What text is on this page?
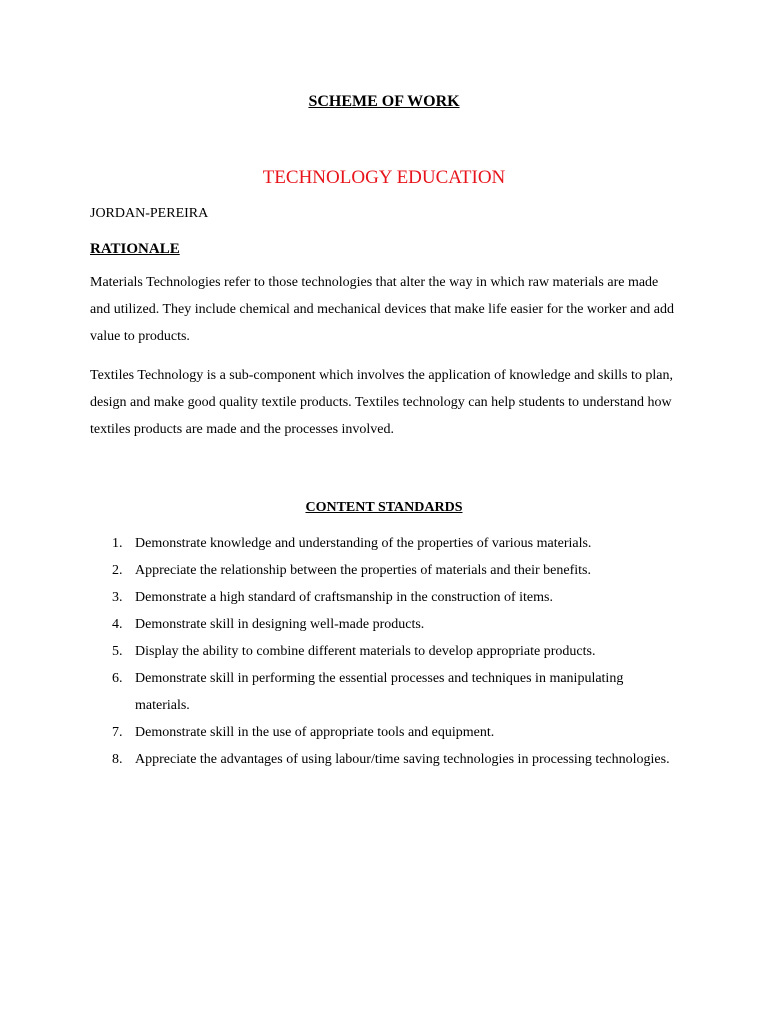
SCHEME OF WORK
TECHNOLOGY EDUCATION
JORDAN-PEREIRA
RATIONALE
Materials Technologies refer to those technologies that alter the way in which raw materials are made and utilized. They include chemical and mechanical devices that make life easier for the worker and add value to products.
Textiles Technology is a sub-component which involves the application of knowledge and skills to plan, design and make good quality textile products. Textiles technology can help students to understand how textiles products are made and the processes involved.
CONTENT STANDARDS
1. Demonstrate knowledge and understanding of the properties of various materials.
2. Appreciate the relationship between the properties of materials and their benefits.
3. Demonstrate a high standard of craftsmanship in the construction of items.
4. Demonstrate skill in designing well-made products.
5. Display the ability to combine different materials to develop appropriate products.
6. Demonstrate skill in performing the essential processes and techniques in manipulating materials.
7. Demonstrate skill in the use of appropriate tools and equipment.
8. Appreciate the advantages of using labour/time saving technologies in processing technologies.
